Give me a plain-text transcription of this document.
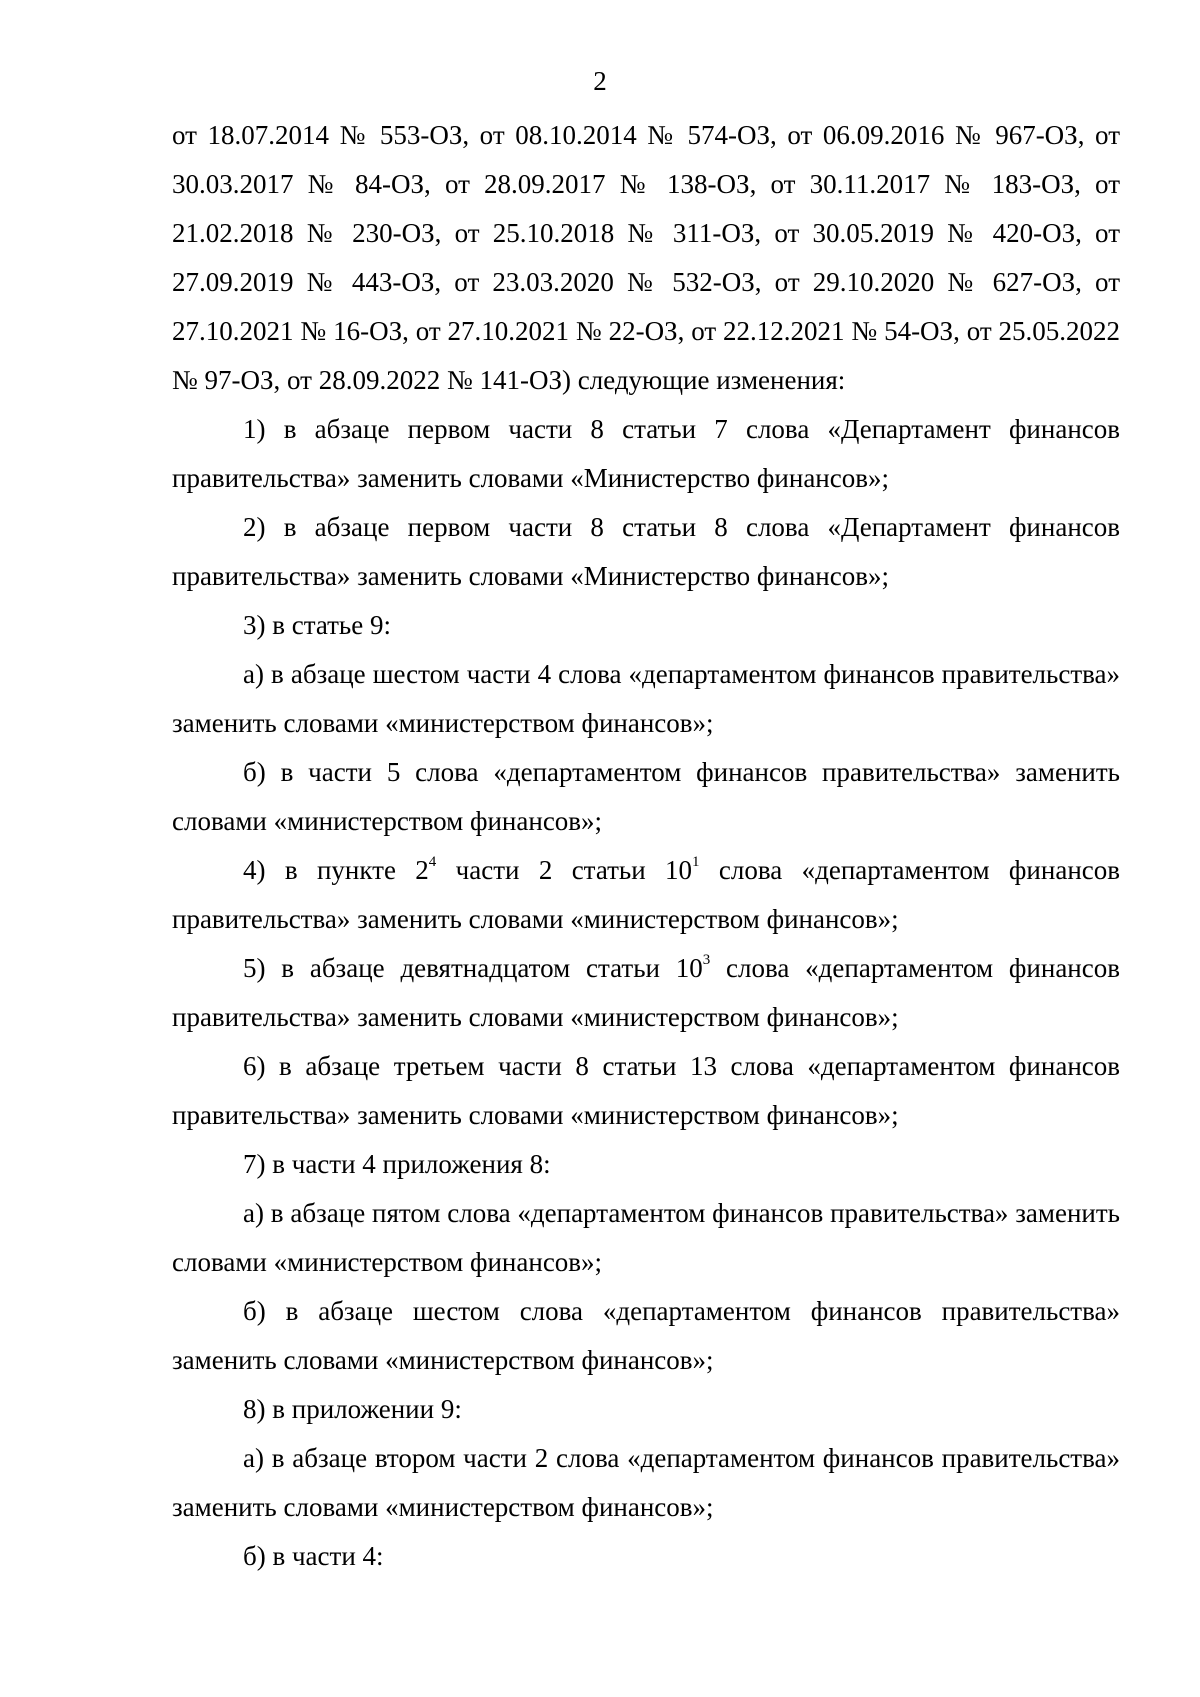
2

от 18.07.2014 № 553-ОЗ, от 08.10.2014 № 574-ОЗ, от 06.09.2016 № 967-ОЗ, от 30.03.2017 № 84-ОЗ, от 28.09.2017 № 138-ОЗ, от 30.11.2017 № 183-ОЗ, от 21.02.2018 № 230-ОЗ, от 25.10.2018 № 311-ОЗ, от 30.05.2019 № 420-ОЗ, от 27.09.2019 № 443-ОЗ, от 23.03.2020 № 532-ОЗ, от 29.10.2020 № 627-ОЗ, от 27.10.2021 № 16-ОЗ, от 27.10.2021 № 22-ОЗ, от 22.12.2021 № 54-ОЗ, от 25.05.2022 № 97-ОЗ, от 28.09.2022 № 141-ОЗ) следующие изменения:

1) в абзаце первом части 8 статьи 7 слова «Департамент финансов правительства» заменить словами «Министерство финансов»;

2) в абзаце первом части 8 статьи 8 слова «Департамент финансов правительства» заменить словами «Министерство финансов»;

3) в статье 9:

а) в абзаце шестом части 4 слова «департаментом финансов правительства» заменить словами «министерством финансов»;

б) в части 5 слова «департаментом финансов правительства» заменить словами «министерством финансов»;

4) в пункте $2^4$ части 2 статьи $10^1$ слова «департаментом финансов правительства» заменить словами «министерством финансов»;

5) в абзаце девятнадцатом статьи $10^3$ слова «департаментом финансов правительства» заменить словами «министерством финансов»;

6) в абзаце третьем части 8 статьи 13 слова «департаментом финансов правительства» заменить словами «министерством финансов»;

7) в части 4 приложения 8:

а) в абзаце пятом слова «департаментом финансов правительства» заменить словами «министерством финансов»;

б) в абзаце шестом слова «департаментом финансов правительства» заменить словами «министерством финансов»;

8) в приложении 9:

а) в абзаце втором части 2 слова «департаментом финансов правительства» заменить словами «министерством финансов»;

б) в части 4:
